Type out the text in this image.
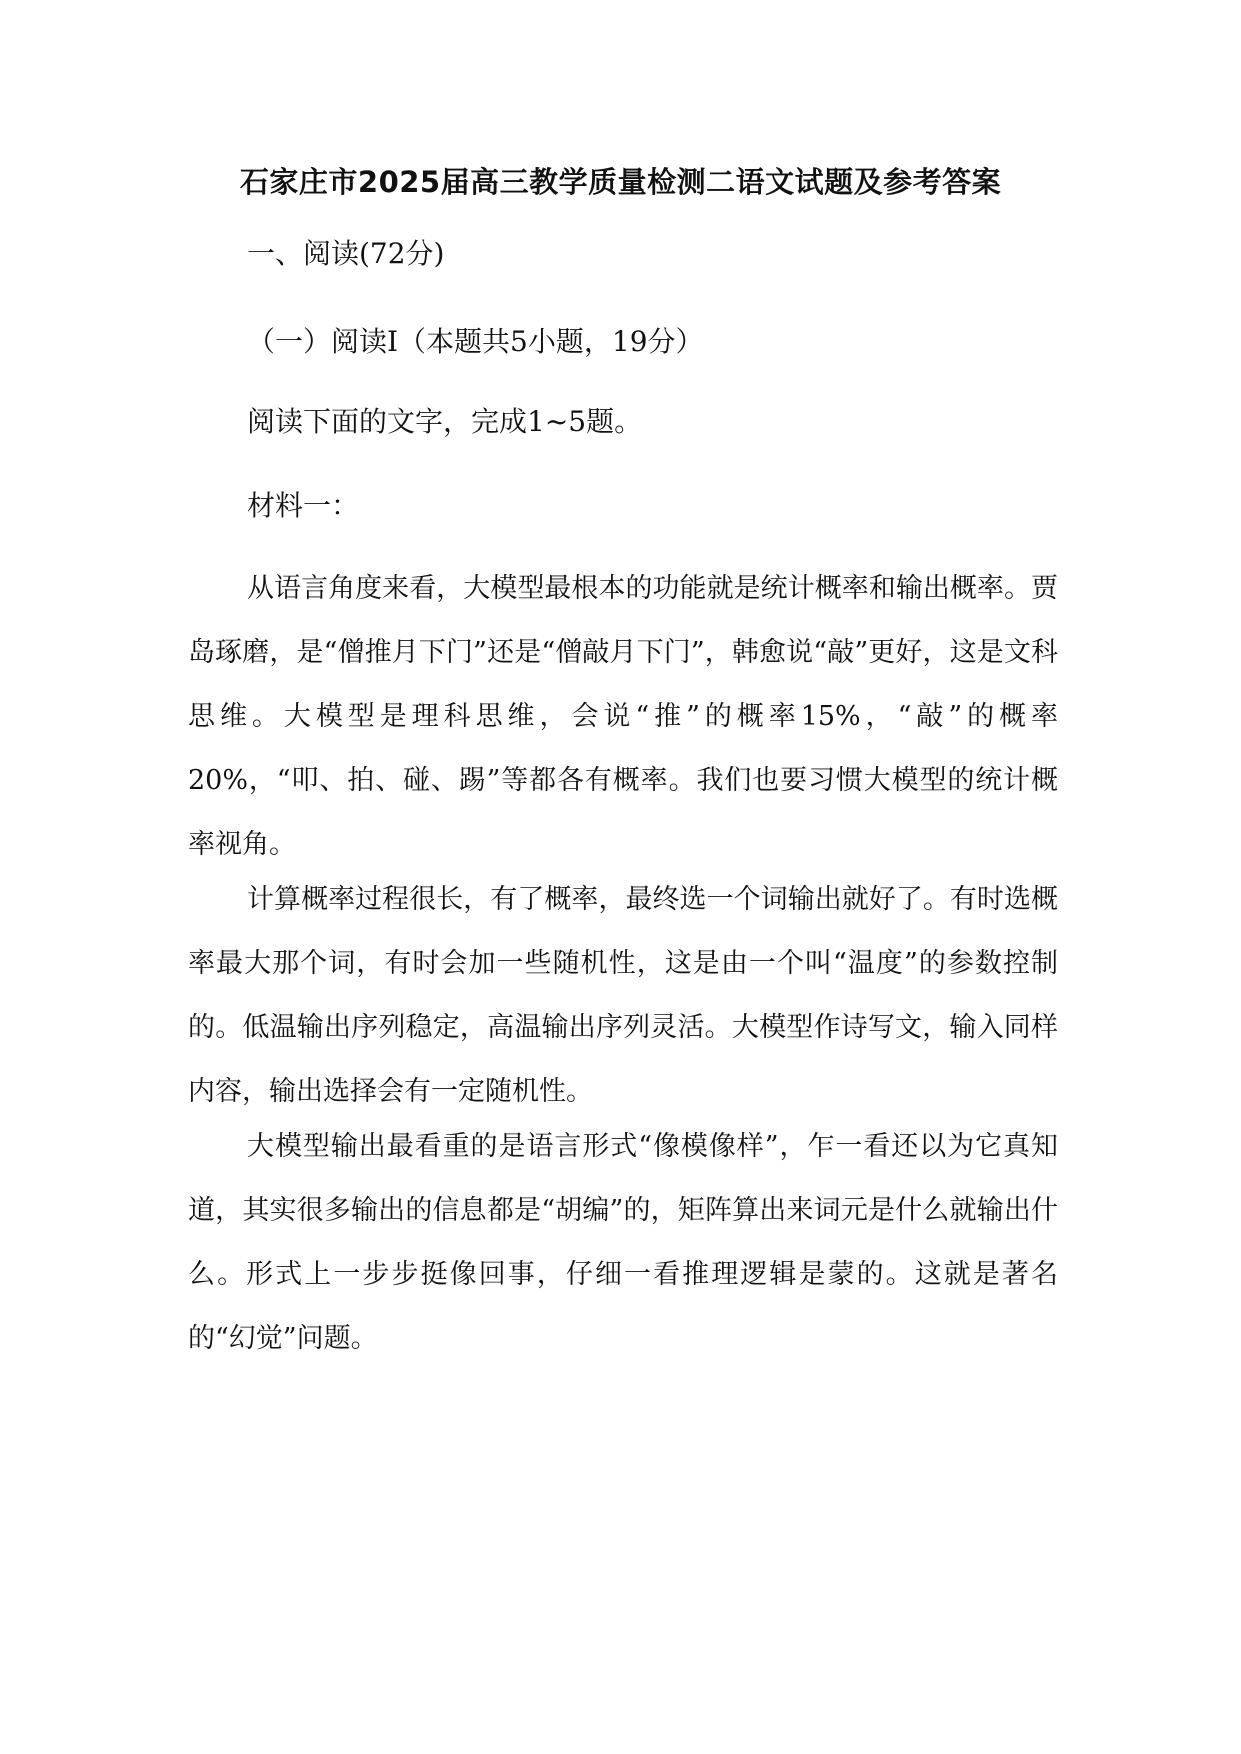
石家庄市2025届高三教学质量检测二语文试题及参考答案
一、阅读(72分)
（一）阅读Ⅰ（本题共5小题，19分）
阅读下面的文字，完成1~5题。
材料一：

从语言角度来看，大模型最根本的功能就是统计概率和输出概率。贾岛琢磨，是“僧推月下门”还是“僧敲月下门”，韩愈说“敲”更好，这是文科思维。大模型是理科思维，会说“推”的概率15%，“敲”的概率20%，“叩、拍、碰、踢”等都各有概率。我们也要习惯大模型的统计概率视角。

计算概率过程很长，有了概率，最终选一个词输出就好了。有时选概率最大那个词，有时会加一些随机性，这是由一个叫“温度”的参数控制的。低温输出序列稳定，高温输出序列灵活。大模型作诗写文，输入同样内容，输出选择会有一定随机性。

大模型输出最看重的是语言形式“像模像样”，乍一看还以为它真知道，其实很多输出的信息都是“胡编”的，矩阵算出来词元是什么就输出什么。形式上一步步挺像回事，仔细一看推理逻辑是蒙的。这就是著名的“幻觉”问题。
